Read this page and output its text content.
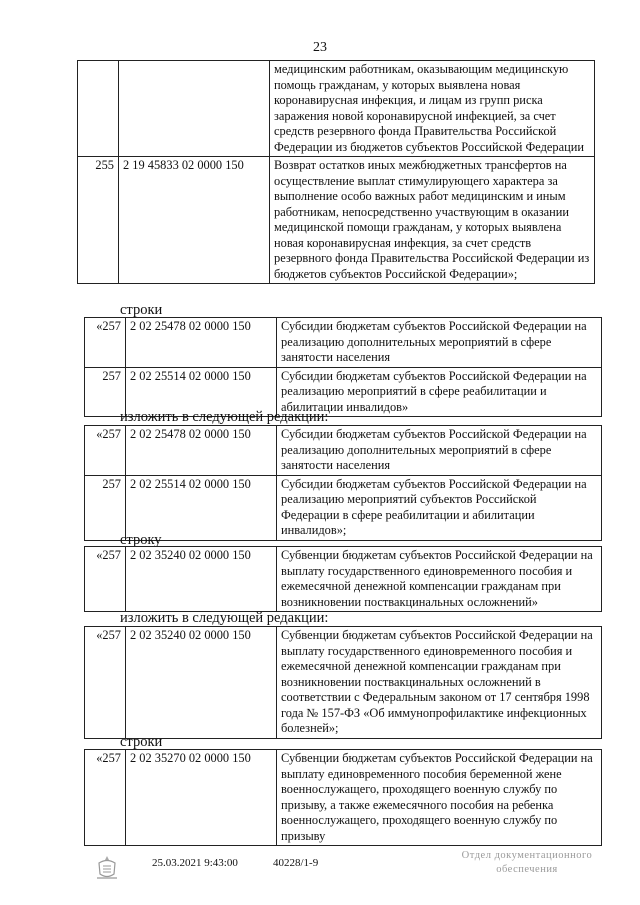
23
		медицинским работникам, оказывающим медицинскую помощь гражданам, у которых выявлена новая коронавирусная инфекция, и лицам из групп риска заражения новой коронавирусной инфекцией, за счет средств резервного фонда Правительства Российской Федерации из бюджетов субъектов Российской Федерации
255	2 19 45833 02 0000 150	Возврат остатков иных межбюджетных трансфертов на осуществление выплат стимулирующего характера за выполнение особо важных работ медицинским и иным работникам, непосредственно участвующим в оказании медицинской помощи гражданам, у которых выявлена новая коронавирусная инфекция, за счет средств резервного фонда Правительства Российской Федерации из бюджетов субъектов Российской Федерации»;
строки
«257	2 02 25478 02 0000 150	Субсидии бюджетам субъектов Российской Федерации на реализацию дополнительных мероприятий в сфере занятости населения
257	2 02 25514 02 0000 150	Субсидии бюджетам субъектов Российской Федерации на реализацию мероприятий в сфере реабилитации и абилитации инвалидов»
изложить в следующей редакции:
«257	2 02 25478 02 0000 150	Субсидии бюджетам субъектов Российской Федерации на реализацию дополнительных мероприятий в сфере занятости населения
257	2 02 25514 02 0000 150	Субсидии бюджетам субъектов Российской Федерации на реализацию мероприятий субъектов Российской Федерации в сфере реабилитации и абилитации инвалидов»;
строку
«257	2 02 35240 02 0000 150	Субвенции бюджетам субъектов Российской Федерации на выплату государственного единовременного пособия и ежемесячной денежной компенсации гражданам при возникновении поствакцинальных осложнений»
изложить в следующей редакции:
«257	2 02 35240 02 0000 150	Субвенции бюджетам субъектов Российской Федерации на выплату государственного единовременного пособия и ежемесячной денежной компенсации гражданам при возникновении поствакцинальных осложнений в соответствии с Федеральным законом от 17 сентября 1998 года № 157-ФЗ «Об иммунопрофилактике инфекционных болезней»;
строки
«257	2 02 35270 02 0000 150	Субвенции бюджетам субъектов Российской Федерации на выплату единовременного пособия беременной жене военнослужащего, проходящего военную службу по призыву, а также ежемесячного пособия на ребенка военнослужащего, проходящего военную службу по призыву
25.03.2021 9:43:00	40228/1-9
Отдел документационного
обеспечения
